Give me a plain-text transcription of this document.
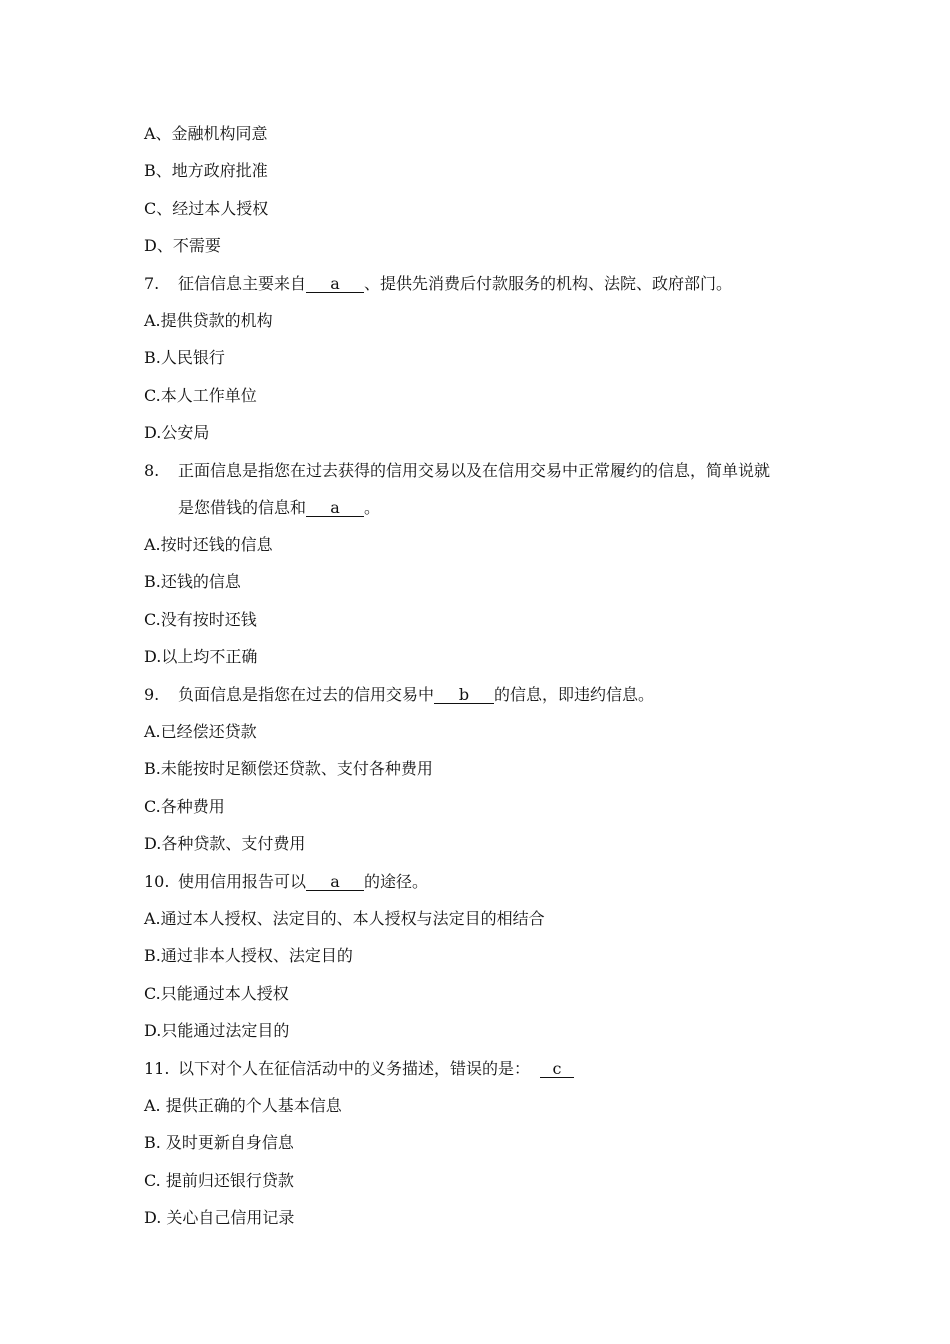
A、金融机构同意
B、地方政府批准
C、经过本人授权
D、不需要
7. 征信信息主要来自 a 、提供先消费后付款服务的机构、法院、政府部门。
A.提供贷款的机构
B.人民银行
C.本人工作单位
D.公安局
8. 正面信息是指您在过去获得的信用交易以及在信用交易中正常履约的信息，简单说就
是您借钱的信息和 a 。
A.按时还钱的信息
B.还钱的信息
C.没有按时还钱
D.以上均不正确
9. 负面信息是指您在过去的信用交易中 b 的信息，即违约信息。
A.已经偿还贷款
B.未能按时足额偿还贷款、支付各种费用
C.各种费用
D.各种贷款、支付费用
10. 使用信用报告可以 a 的途径。
A.通过本人授权、法定目的、本人授权与法定目的相结合
B.通过非本人授权、法定目的
C.只能通过本人授权
D.只能通过法定目的
11. 以下对个人在征信活动中的义务描述，错误的是： c
A. 提供正确的个人基本信息
B. 及时更新自身信息
C. 提前归还银行贷款
D. 关心自己信用记录
